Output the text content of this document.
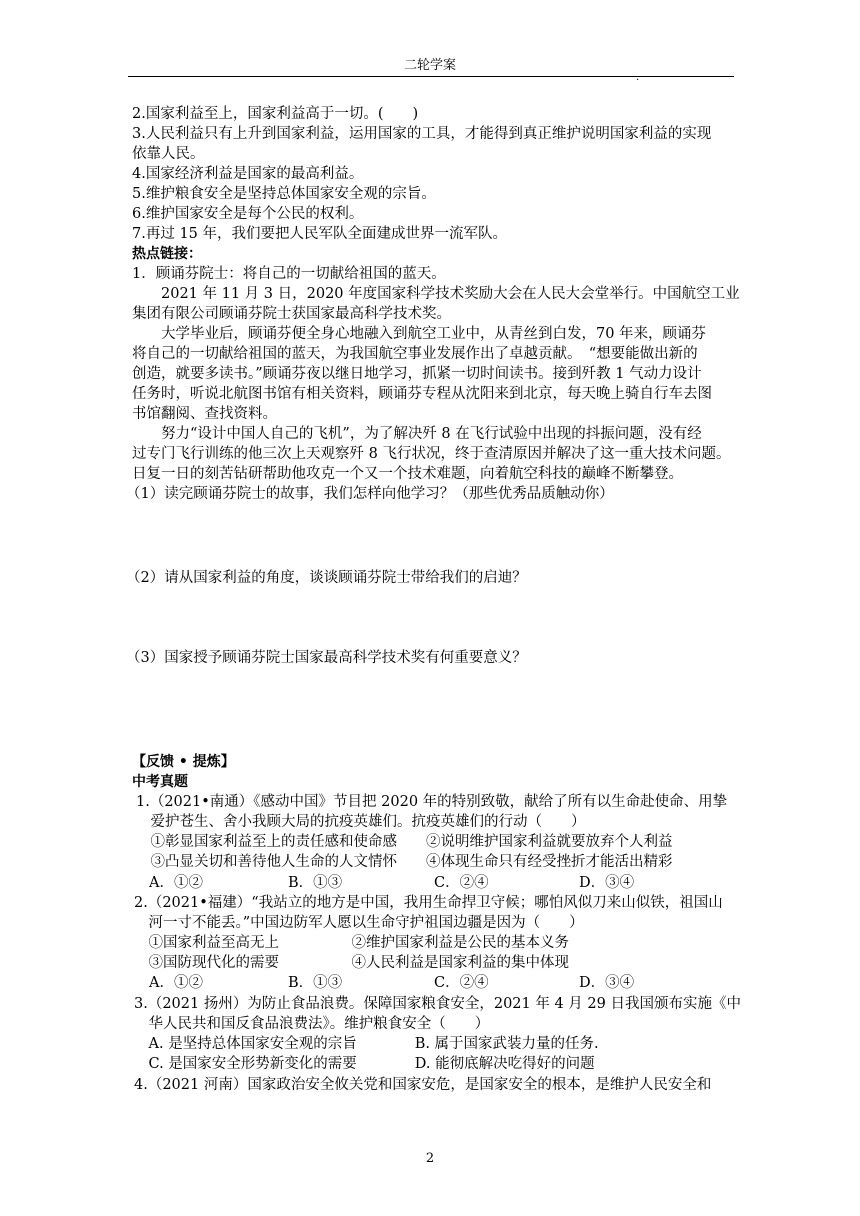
二轮学案
.
2.国家利益至上，国家利益高于一切。(　　)
3.人民利益只有上升到国家利益，运用国家的工具，才能得到真正维护说明国家利益的实现
依靠人民。
4.国家经济利益是国家的最高利益。
5.维护粮食安全是坚持总体国家安全观的宗旨。
6.维护国家安全是每个公民的权利。
7.再过 15 年，我们要把人民军队全面建成世界一流军队。
热点链接：
1．顾诵芬院士：将自己的一切献给祖国的蓝天。
　　2021 年 11 月 3 日，2020 年度国家科学技术奖励大会在人民大会堂举行。中国航空工业
集团有限公司顾诵芬院士获国家最高科学技术奖。
　　大学毕业后，顾诵芬便全身心地融入到航空工业中，从青丝到白发，70 年来，顾诵芬
将自己的一切献给祖国的蓝天，为我国航空事业发展作出了卓越贡献。　“想要能做出新的
创造，就要多读书。”顾诵芬夜以继日地学习，抓紧一切时间读书。接到歼教 1 气动力设计
任务时，听说北航图书馆有相关资料，顾诵芬专程从沈阳来到北京，每天晚上骑自行车去图
书馆翻阅、查找资料。
　　努力“设计中国人自己的飞机”，为了解决歼 8 在飞行试验中出现的抖振问题，没有经
过专门飞行训练的他三次上天观察歼 8 飞行状况，终于查清原因并解决了这一重大技术问题。
日复一日的刻苦钻研帮助他攻克一个又一个技术难题，向着航空科技的巅峰不断攀登。
（1）读完顾诵芬院士的故事，我们怎样向他学习？（那些优秀品质触动你）
（2）请从国家利益的角度，谈谈顾诵芬院士带给我们的启迪？
（3）国家授予顾诵芬院士国家最高科学技术奖有何重要意义？
【反馈 • 提炼】
中考真题
1.（2021•南通）《感动中国》节目把 2020 年的特别致敬，献给了所有以生命赴使命、用挚
　爱护苍生、舍小我顾大局的抗疫英雄们。抗疫英雄们的行动（　　）
　①彰显国家利益至上的责任感和使命感　　②说明维护国家利益就要放弃个人利益
　③凸显关切和善待他人生命的人文情怀　　④体现生命只有经受挫折才能活出精彩
A．①②	B．①③	C．②④	D．③④
2.（2021•福建）“我站立的地方是中国，我用生命捍卫守候；哪怕风似刀来山似铁，祖国山
　河一寸不能丢。”中国边防军人愿以生命守护祖国边疆是因为（　　）
　①国家利益至高无上　　　　　②维护国家利益是公民的基本义务
　③国防现代化的需要　　　　　④人民利益是国家利益的集中体现
A．①②	B．①③	C．②④	D．③④
3.（2021 扬州）为防止食品浪费。保障国家粮食安全，2021 年 4 月 29 日我国颁布实施《中
　华人民共和国反食品浪费法》。维护粮食安全（　　）
　A. 是坚持总体国家安全观的宗旨　　　　B. 属于国家武装力量的任务.
　C. 是国家安全形势新变化的需要　　　　D. 能彻底解决吃得好的问题
4.（2021 河南）国家政治安全攸关党和国家安危，是国家安全的根本，是维护人民安全和
2
